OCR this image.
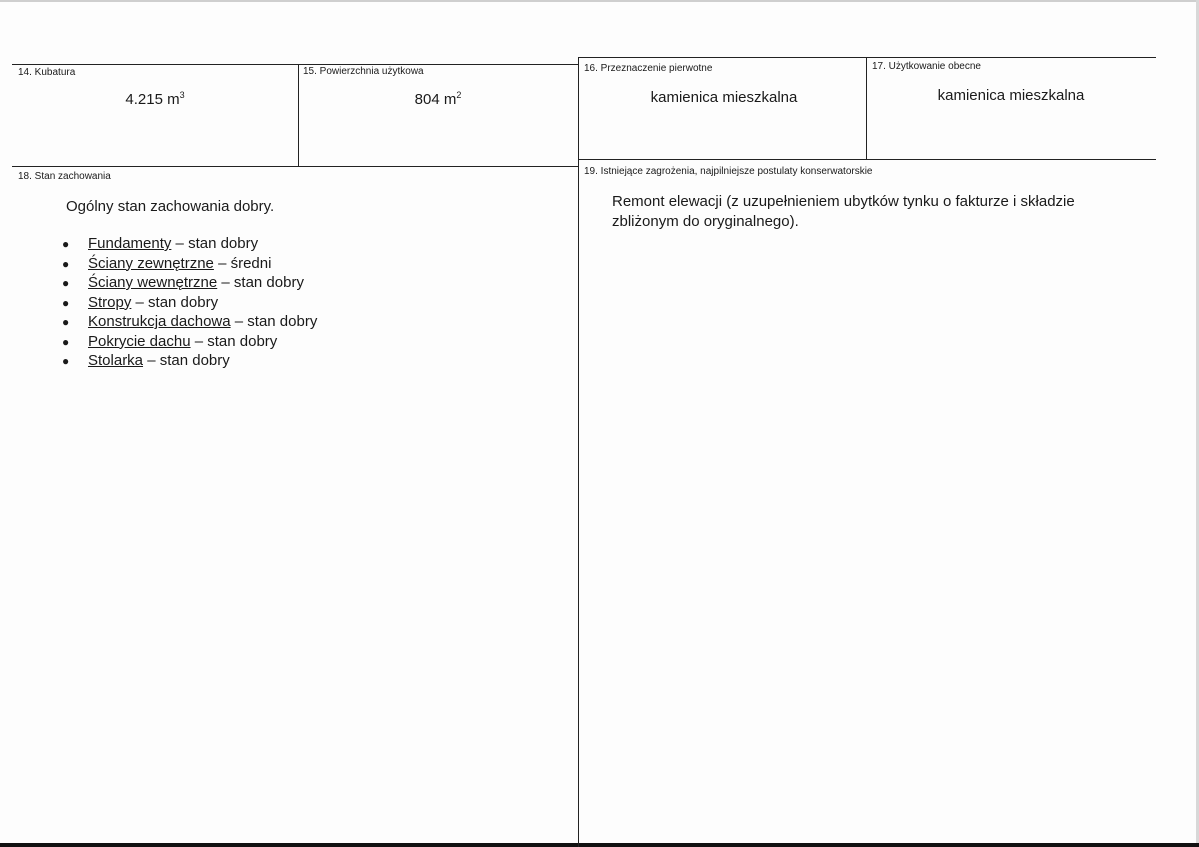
14. Kubatura
4.215 $m^3$
15. Powierzchnia użytkowa
804 $m^2$
16. Przeznaczenie pierwotne
kamienica mieszkalna
17. Użytkowanie obecne
kamienica mieszkalna
18. Stan zachowania
Ogólny stan zachowania dobry.
● Fundamenty – stan dobry
● Ściany zewnętrzne – średni
● Ściany wewnętrzne – stan dobry
● Stropy – stan dobry
● Konstrukcja dachowa – stan dobry
● Pokrycie dachu – stan dobry
● Stolarka – stan dobry
19. Istniejące zagrożenia, najpilniejsze postulaty konserwatorskie
Remont elewacji (z uzupełnieniem ubytków tynku o fakturze i składzie zbliżonym do oryginalnego).
